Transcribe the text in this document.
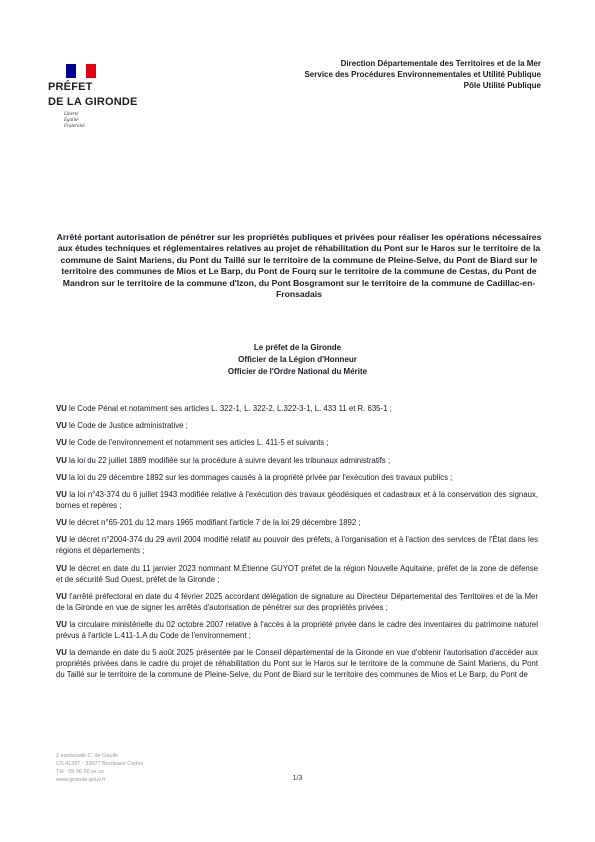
PRÉFET
DE LA GIRONDE
Liberté
Égalité
Fraternité
Direction Départementale des Territoires et de la Mer
Service des Procédures Environnementales et Utilité Publique
Pôle Utilité Publique
Arrêté portant autorisation de pénétrer sur les propriétés publiques et privées pour réaliser les opérations nécessaires aux études techniques et réglementaires relatives au projet de réhabilitation du Pont sur le Haros sur le territoire de la commune de Saint Mariens, du Pont du Taillé sur le territoire de la commune de Pleine-Selve, du Pont de Biard sur le territoire des communes de Mios et Le Barp, du Pont de Fourq sur le territoire de la commune de Cestas, du Pont de Mandron sur le territoire de la commune d'Izon, du Pont Bosgramont sur le territoire de la commune de Cadillac-en-Fronsadais
Le préfet de la Gironde
Officier de la Légion d'Honneur
Officier de l'Ordre National du Mérite

VU le Code Pénal et notamment ses articles L. 322-1, L. 322-2, L.322-3-1, L. 433 11 et R. 635-1 ;

VU le Code de Justice administrative ;

VU le Code de l'environnement et notamment ses articles L. 411-5 et suivants ;

VU la loi du 22 juillet 1889 modifiée sur la procédure à suivre devant les tribunaux administratifs ;

VU la loi du 29 décembre 1892 sur les dommages causés à la propriété privée par l'exécution des travaux publics ;

VU la loi n°43-374 du 6 juillet 1943 modifiée relative à l'exécution des travaux géodésiques et cadastraux et à la conservation des signaux, bornes et repères ;

VU le décret n°65-201 du 12 mars 1965 modifiant l'article 7 de la loi 29 décembre 1892 ;

VU le décret n°2004-374 du 29 avril 2004 modifié relatif au pouvoir des préfets, à l'organisation et à l'action des services de l'État dans les régions et départements ;

VU le décret en date du 11 janvier 2023 nommant M.Étienne GUYOT préfet de la région Nouvelle Aquitaine, préfet de la zone de défense et de sécurité Sud Ouest, préfet de la Gironde ;

VU l'arrêté préfectoral en date du 4 février 2025 accordant délégation de signature au Directeur Départemental des Territoires et de la Mer de la Gironde en vue de signer les arrêtés d'autorisation de pénétrer sur des propriétés privées ;

VU la circulaire ministérielle du 02 octobre 2007 relative à l'accès à la propriété privée dans le cadre des inventaires du patrimoine naturel prévus à l'article L.411-1.A du Code de l'environnement ;

VU la demande en date du 5 août 2025 présentée par le Conseil départemental de la Gironde en vue d'obtenir l'autorisation d'accéder aux propriétés privées dans le cadre du projet de réhabilitation du Pont sur le Haros sur le territoire de la commune de Saint Mariens, du Pont du Taillé sur le territoire de la commune de Pleine-Selve, du Pont de Biard sur le territoire des communes de Mios et Le Barp, du Pont de

2 esplanade C. de Gaulle
CS 41397 - 33077 Bordeaux Cedex
Tél : 05 56 00 xx xx
www.gironde.gouv.fr	1/3
